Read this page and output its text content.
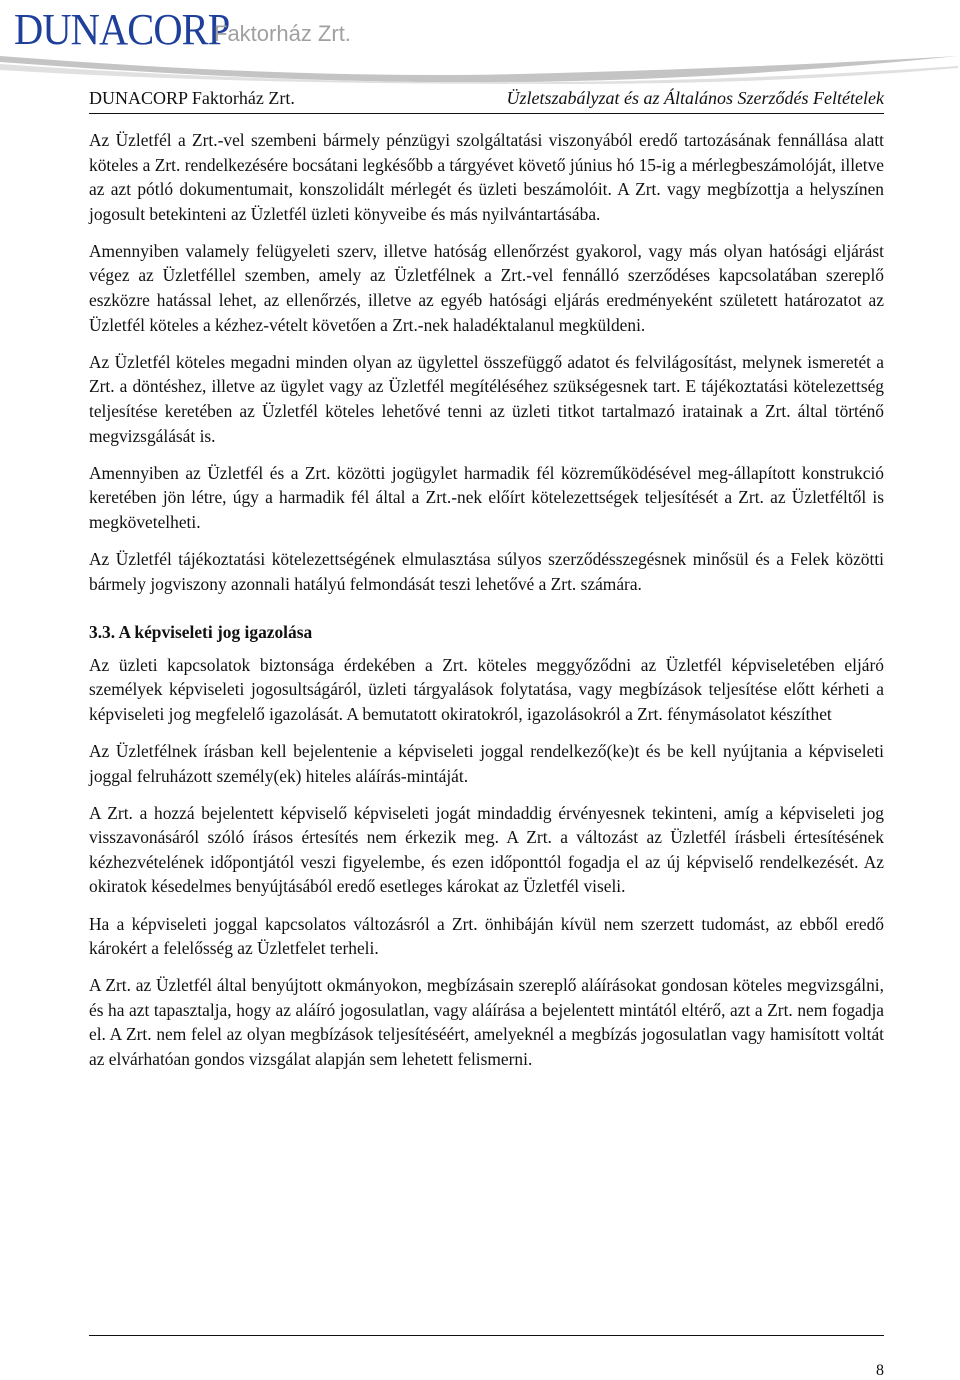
DUNACORP
Faktorház Zrt.
DUNACORP Faktorház Zrt.	Üzletszabályzat és az Általános Szerződés Feltételek

Az Üzletfél a Zrt.-vel szembeni bármely pénzügyi szolgáltatási viszonyából eredő tartozásának fennállása alatt köteles a Zrt. rendelkezésére bocsátani legkésőbb a tárgyévet követő június hó 15-ig a mérlegbeszámolóját, illetve az azt pótló dokumentumait, konszolidált mérlegét és üzleti beszámolóit. A Zrt. vagy megbízottja a helyszínen jogosult betekinteni az Üzletfél üzleti könyveibe és más nyilvántartásába.

Amennyiben valamely felügyeleti szerv, illetve hatóság ellenőrzést gyakorol, vagy más olyan hatósági eljárást végez az Üzletféllel szemben, amely az Üzletfélnek a Zrt.-vel fennálló szerződéses kapcsolatában szereplő eszközre hatással lehet, az ellenőrzés, illetve az egyéb hatósági eljárás eredményeként született határozatot az Üzletfél köteles a kézhez-vételt követően a Zrt.-nek haladéktalanul megküldeni.

Az Üzletfél köteles megadni minden olyan az ügylettel összefüggő adatot és felvilágosítást, melynek ismeretét a Zrt. a döntéshez, illetve az ügylet vagy az Üzletfél megítéléséhez szükségesnek tart. E tájékoztatási kötelezettség teljesítése keretében az Üzletfél köteles lehetővé tenni az üzleti titkot tartalmazó iratainak a Zrt. által történő megvizsgálását is.

Amennyiben az Üzletfél és a Zrt. közötti jogügylet harmadik fél közreműködésével meg-állapított konstrukció keretében jön létre, úgy a harmadik fél által a Zrt.-nek előírt kötelezettségek teljesítését a Zrt. az Üzletféltől is megkövetelheti.

Az Üzletfél tájékoztatási kötelezettségének elmulasztása súlyos szerződésszegésnek minősül és a Felek közötti bármely jogviszony azonnali hatályú felmondását teszi lehetővé a Zrt. számára.

3.3. A képviseleti jog igazolása

Az üzleti kapcsolatok biztonsága érdekében a Zrt. köteles meggyőződni az Üzletfél képviseletében eljáró személyek képviseleti jogosultságáról, üzleti tárgyalások folytatása, vagy megbízások teljesítése előtt kérheti a képviseleti jog megfelelő igazolását. A bemutatott okiratokról, igazolásokról a Zrt. fénymásolatot készíthet

Az Üzletfélnek írásban kell bejelentenie a képviseleti joggal rendelkező(ke)t és be kell nyújtania a képviseleti joggal felruházott személy(ek) hiteles aláírás-mintáját.

A Zrt. a hozzá bejelentett képviselő képviseleti jogát mindaddig érvényesnek tekinteni, amíg a képviseleti jog visszavonásáról szóló írásos értesítés nem érkezik meg. A Zrt. a változást az Üzletfél írásbeli értesítésének kézhezvételének időpontjától veszi figyelembe, és ezen időponttól fogadja el az új képviselő rendelkezését. Az okiratok késedelmes benyújtásából eredő esetleges károkat az Üzletfél viseli.

Ha a képviseleti joggal kapcsolatos változásról a Zrt. önhibáján kívül nem szerzett tudomást, az ebből eredő károkért a felelősség az Üzletfelet terheli.

A Zrt. az Üzletfél által benyújtott okmányokon, megbízásain szereplő aláírásokat gondosan köteles megvizsgálni, és ha azt tapasztalja, hogy az aláíró jogosulatlan, vagy aláírása a bejelentett mintától eltérő, azt a Zrt. nem fogadja el. A Zrt. nem felel az olyan megbízások teljesítéséért, amelyeknél a megbízás jogosulatlan vagy hamisított voltát az elvárhatóan gondos vizsgálat alapján sem lehetett felismerni.

8
